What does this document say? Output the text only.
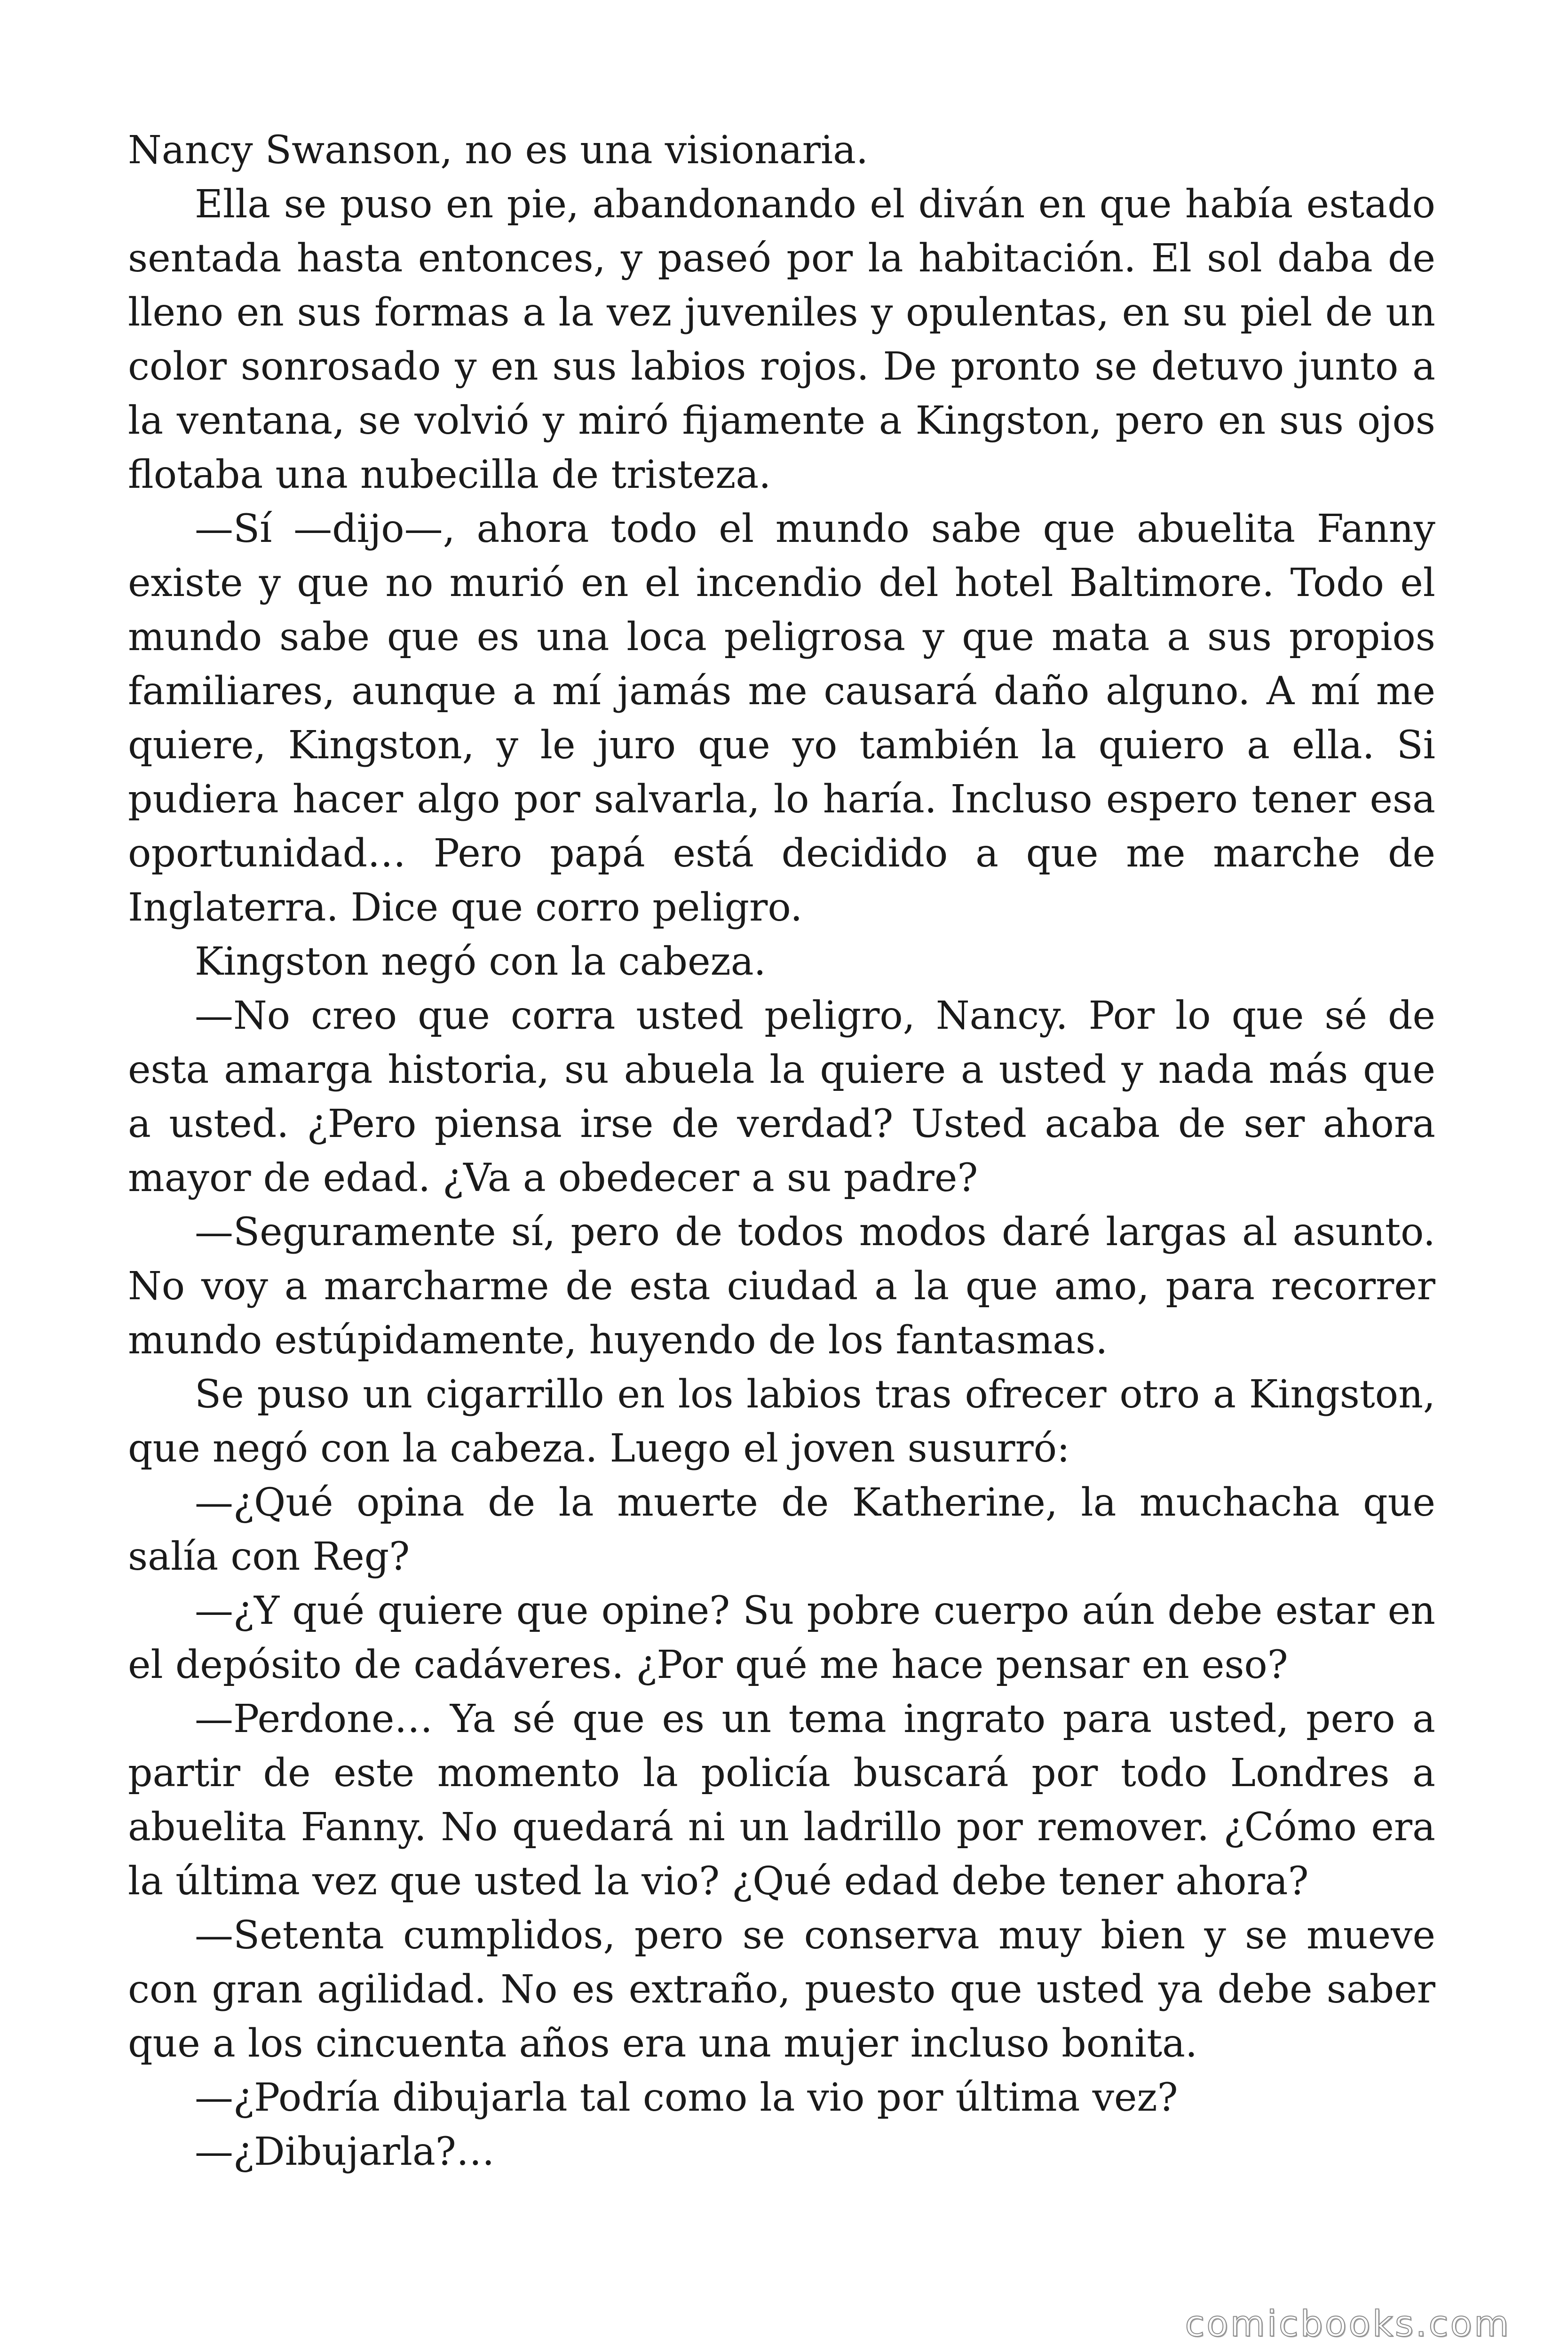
Nancy Swanson, no es una visionaria.

Ella se puso en pie, abandonando el diván en que había estado sentada hasta entonces, y paseó por la habitación. El sol daba de lleno en sus formas a la vez juveniles y opulentas, en su piel de un color sonrosado y en sus labios rojos. De pronto se detuvo junto a la ventana, se volvió y miró fijamente a Kingston, pero en sus ojos flotaba una nubecilla de tristeza.

—Sí —dijo—, ahora todo el mundo sabe que abuelita Fanny existe y que no murió en el incendio del hotel Baltimore. Todo el mundo sabe que es una loca peligrosa y que mata a sus propios familiares, aunque a mí jamás me causará daño alguno. A mí me quiere, Kingston, y le juro que yo también la quiero a ella. Si pudiera hacer algo por salvarla, lo haría. Incluso espero tener esa oportunidad… Pero papá está decidido a que me marche de Inglaterra. Dice que corro peligro.

Kingston negó con la cabeza.

—No creo que corra usted peligro, Nancy. Por lo que sé de esta amarga historia, su abuela la quiere a usted y nada más que a usted. ¿Pero piensa irse de verdad? Usted acaba de ser ahora mayor de edad. ¿Va a obedecer a su padre?

—Seguramente sí, pero de todos modos daré largas al asunto. No voy a marcharme de esta ciudad a la que amo, para recorrer mundo estúpidamente, huyendo de los fantasmas.

Se puso un cigarrillo en los labios tras ofrecer otro a Kingston, que negó con la cabeza. Luego el joven susurró:

—¿Qué opina de la muerte de Katherine, la muchacha que salía con Reg?

—¿Y qué quiere que opine? Su pobre cuerpo aún debe estar en el depósito de cadáveres. ¿Por qué me hace pensar en eso?

—Perdone… Ya sé que es un tema ingrato para usted, pero a partir de este momento la policía buscará por todo Londres a abuelita Fanny. No quedará ni un ladrillo por remover. ¿Cómo era la última vez que usted la vio? ¿Qué edad debe tener ahora?

—Setenta cumplidos, pero se conserva muy bien y se mueve con gran agilidad. No es extraño, puesto que usted ya debe saber que a los cincuenta años era una mujer incluso bonita.

—¿Podría dibujarla tal como la vio por última vez?

—¿Dibujarla?…

comicbooks.com
